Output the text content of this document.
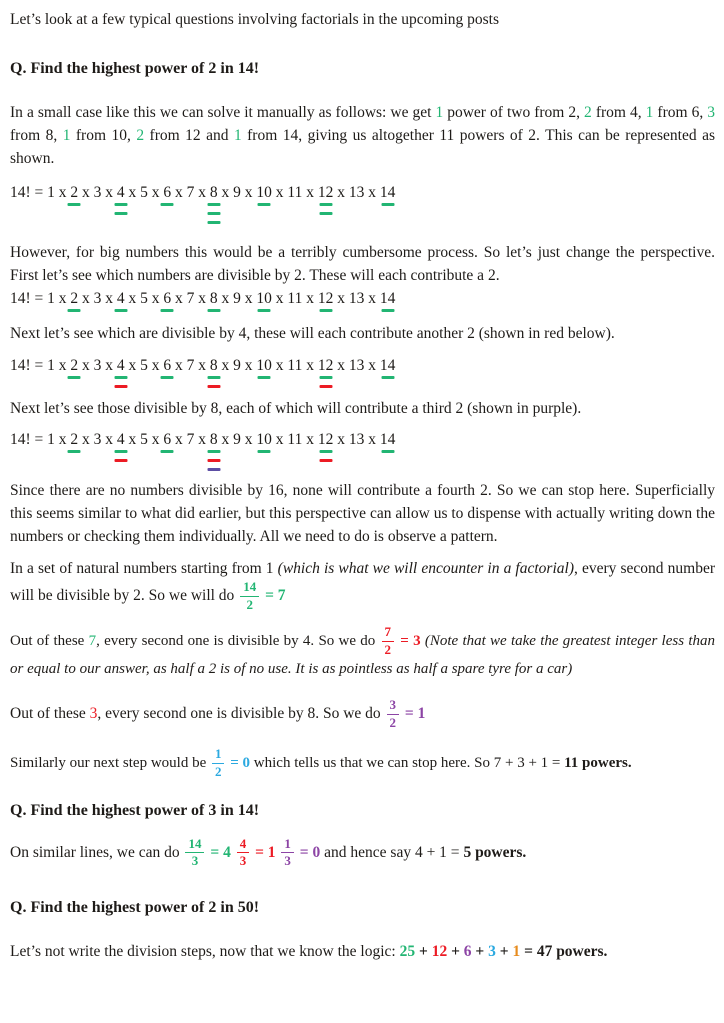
Let’s look at a few typical questions involving factorials in the upcoming posts

Q. Find the highest power of 2 in 14!

In a small case like this we can solve it manually as follows: we get 1 power of two from 2, 2 from 4, 1 from 6, 3 from 8, 1 from 10, 2 from 12 and 1 from 14, giving us altogether 11 powers of 2. This can be represented as shown.

14! = 1 x 2
x 3 x 4
x 5 x 6
x 7 x 8
x 9 x 10
x 11 x 12
x 13 x 14

However, for big numbers this would be a terribly cumbersome process. So let’s just change the perspective. First let’s see which numbers are divisible by 2. These will each contribute a 2.

14! = 1 x 2
x 3 x 4
x 5 x 6
x 7 x 8
x 9 x 10
x 11 x 12
x 13 x 14

Next let’s see which are divisible by 4, these will each contribute another 2 (shown in red below).

14! = 1 x 2
x 3 x 4
x 5 x 6
x 7 x 8
x 9 x 10
x 11 x 12
x 13 x 14

Next let’s see those divisible by 8, each of which will contribute a third 2 (shown in purple).

14! = 1 x 2
x 3 x 4
x 5 x 6
x 7 x 8
x 9 x 10
x 11 x 12
x 13 x 14

Since there are no numbers divisible by 16, none will contribute a fourth 2. So we can stop here. Superficially this seems similar to what did earlier, but this perspective can allow us to dispense with actually writing down the numbers or checking them individually. All we need to do is observe a pattern.

In a set of natural numbers starting from 1 (which is what we will encounter in a factorial), every second number will be divisible by 2. So we will do $\frac{14}{2} = 7$

Out of these 7, every second one is divisible by 4. So we do $\frac{7}{2} = 3$ (Note that we take the greatest integer less than or equal to our answer, as half a 2 is of no use. It is as pointless as half a spare tyre for a car)

Out of these 3, every second one is divisible by 8. So we do $\frac{3}{2} = 1$

Similarly our next step would be $\frac{1}{2} = 0$ which tells us that we can stop here. So 7 + 3 + 1 = 11 powers.

Q. Find the highest power of 3 in 14!

On similar lines, we can do $\frac{14}{3} = 4 \frac{4}{3} = 1 \frac{1}{3} = 0$ and hence say 4 + 1 = 5 powers.

Q. Find the highest power of 2 in 50!

Let’s not write the division steps, now that we know the logic: 25 + 12 + 6 + 3 + 1 = 47 powers.
